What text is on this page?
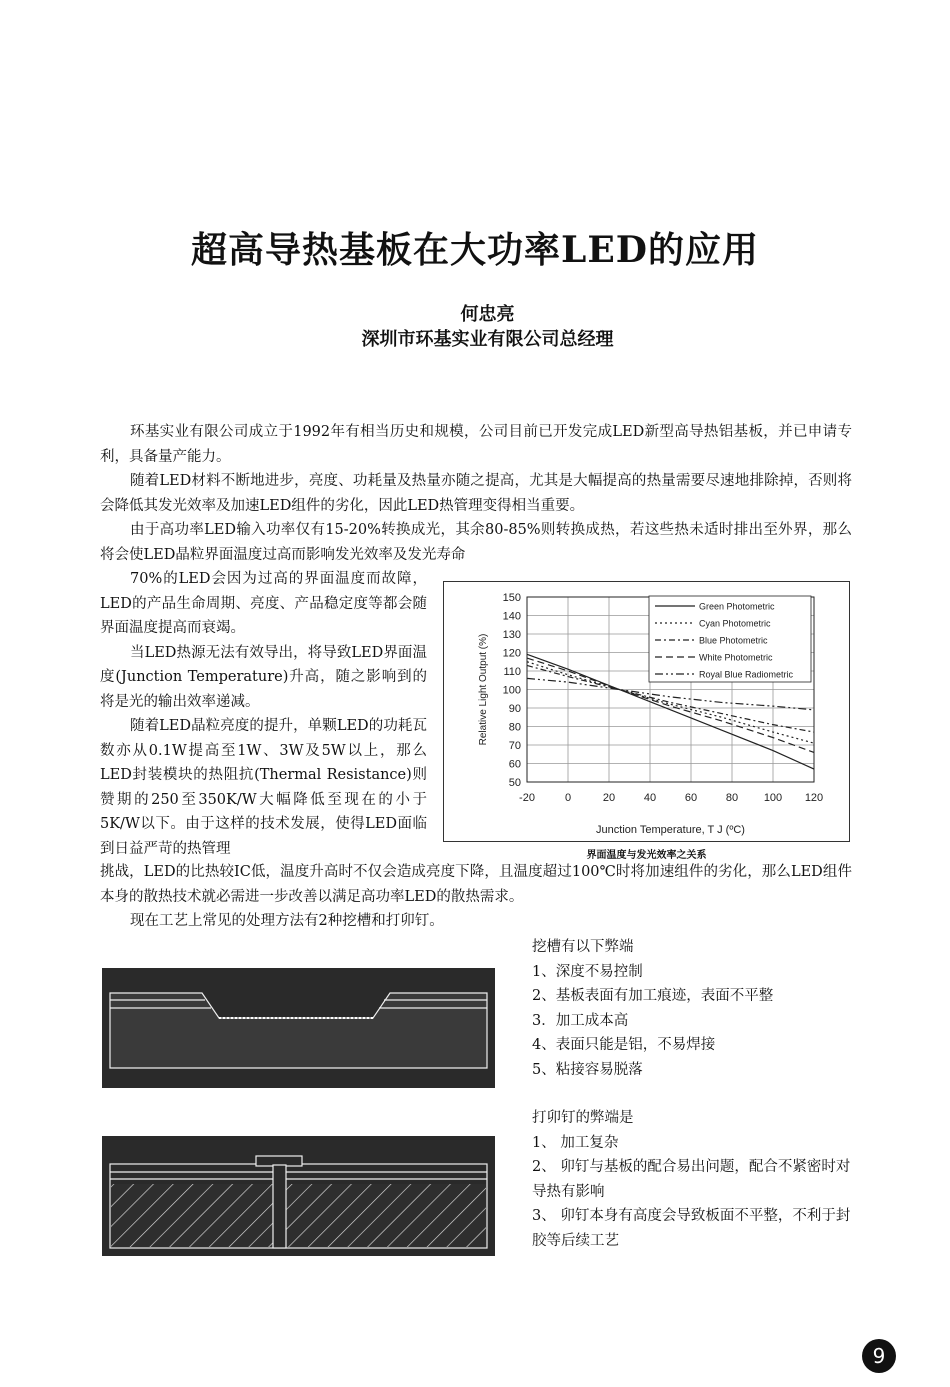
超高导热基板在大功率LED的应用
何忠亮
深圳市环基实业有限公司总经理
环基实业有限公司成立于1992年有相当历史和规模，公司目前已开发完成LED新型高导热铝基板，并已申请专利，具备量产能力。
随着LED材料不断地进步，亮度、功耗量及热量亦随之提高，尤其是大幅提高的热量需要尽速地排除掉，否则将会降低其发光效率及加速LED组件的劣化，因此LED热管理变得相当重要。
由于高功率LED输入功率仅有15-20%转换成光，其余80-85%则转换成热，若这些热未适时排出至外界，那么将会使LED晶粒界面温度过高而影响发光效率及发光寿命
70%的LED会因为过高的界面温度而故障，LED的产品生命周期、亮度、产品稳定度等都会随界面温度提高而衰竭。
当LED热源无法有效导出，将导致LED界面温度(Junction Temperature)升高，随之影响到的将是光的输出效率递减。
随着LED晶粒亮度的提升，单颗LED的功耗瓦数亦从0.1W提高至1W、3W及5W以上，那么LED封装模块的热阻抗(Thermal Resistance)则赞期的250至350K/W大幅降低至现在的小于5K/W以下。由于这样的技术发展，使得LED面临到日益严苛的热管理
50
60
70
80
90
100
110
120
130
140
150
-20	0	20	40	60	80 100 120
Junction Temperature, T J (ºC)
Relative Light Output (%)
Green Photometric
Cyan Photometric
Blue Photometric
White Photometric
Royal Blue Radiometric
界面温度与发光效率之关系
挑战，LED的比热较IC低，温度升高时不仅会造成亮度下降，且温度超过100℃时将加速组件的劣化，那么LED组件本身的散热技术就必需进一步改善以满足高功率LED的散热需求。
现在工艺上常见的处理方法有2种挖槽和打卯钉。
挖槽有以下弊端
1、深度不易控制
2、基板表面有加工痕迹，表面不平整
3．加工成本高
4、表面只能是铝，不易焊接
5、粘接容易脱落
打卯钉的弊端是
1、 加工复杂
2、 卯钉与基板的配合易出问题，配合不紧密时对导热有影响
3、 卯钉本身有高度会导致板面不平整，不利于封胶等后续工艺
9
